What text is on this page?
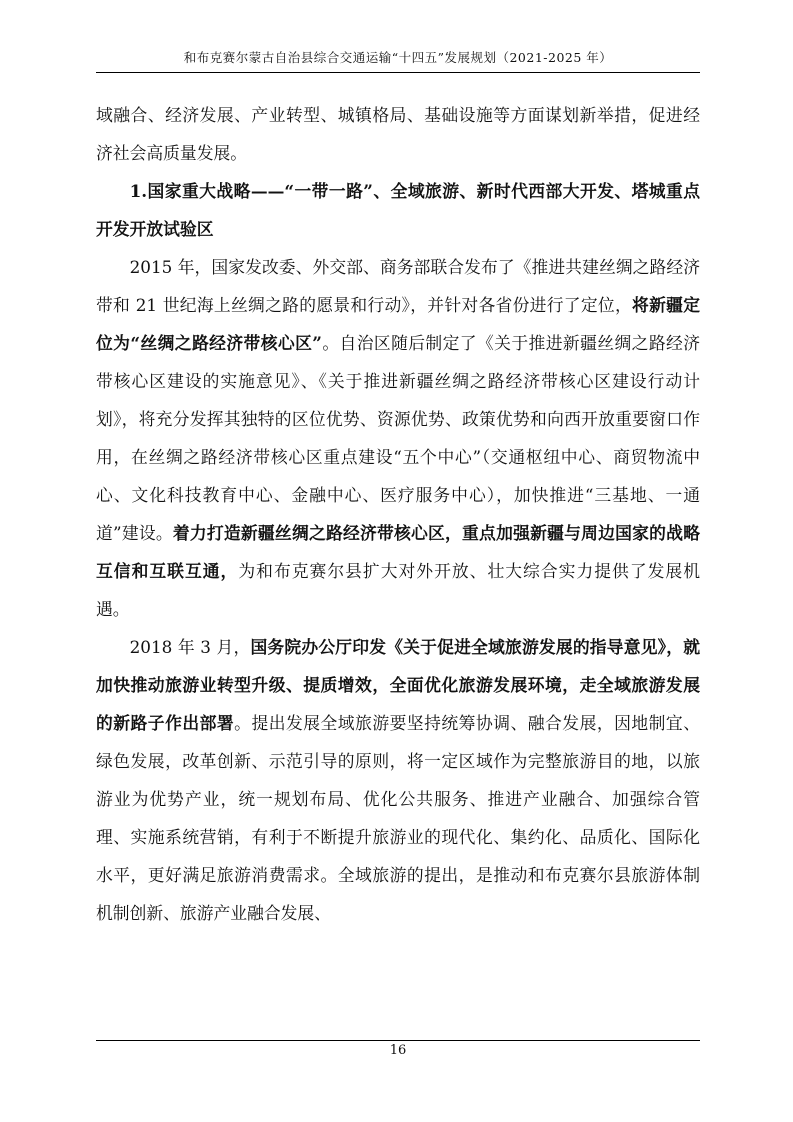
和布克赛尔蒙古自治县综合交通运输“十四五”发展规划（2021-2025 年）

域融合、经济发展、产业转型、城镇格局、基础设施等方面谋划新举措，促进经济社会高质量发展。

1.国家重大战略——“一带一路”、全域旅游、新时代西部大开发、塔城重点开发开放试验区

2015 年，国家发改委、外交部、商务部联合发布了《推进共建丝绸之路经济带和 21 世纪海上丝绸之路的愿景和行动》，并针对各省份进行了定位，将新疆定位为“丝绸之路经济带核心区”。自治区随后制定了《关于推进新疆丝绸之路经济带核心区建设的实施意见》、《关于推进新疆丝绸之路经济带核心区建设行动计划》，将充分发挥其独特的区位优势、资源优势、政策优势和向西开放重要窗口作用，在丝绸之路经济带核心区重点建设“五个中心”（交通枢纽中心、商贸物流中心、文化科技教育中心、金融中心、医疗服务中心），加快推进“三基地、一通道”建设。着力打造新疆丝绸之路经济带核心区，重点加强新疆与周边国家的战略互信和互联互通，为和布克赛尔县扩大对外开放、壮大综合实力提供了发展机遇。

2018 年 3 月，国务院办公厅印发《关于促进全域旅游发展的指导意见》，就加快推动旅游业转型升级、提质增效，全面优化旅游发展环境，走全域旅游发展的新路子作出部署。提出发展全域旅游要坚持统筹协调、融合发展，因地制宜、绿色发展，改革创新、示范引导的原则，将一定区域作为完整旅游目的地，以旅游业为优势产业，统一规划布局、优化公共服务、推进产业融合、加强综合管理、实施系统营销，有利于不断提升旅游业的现代化、集约化、品质化、国际化水平，更好满足旅游消费需求。全域旅游的提出，是推动和布克赛尔县旅游体制机制创新、旅游产业融合发展、

16
